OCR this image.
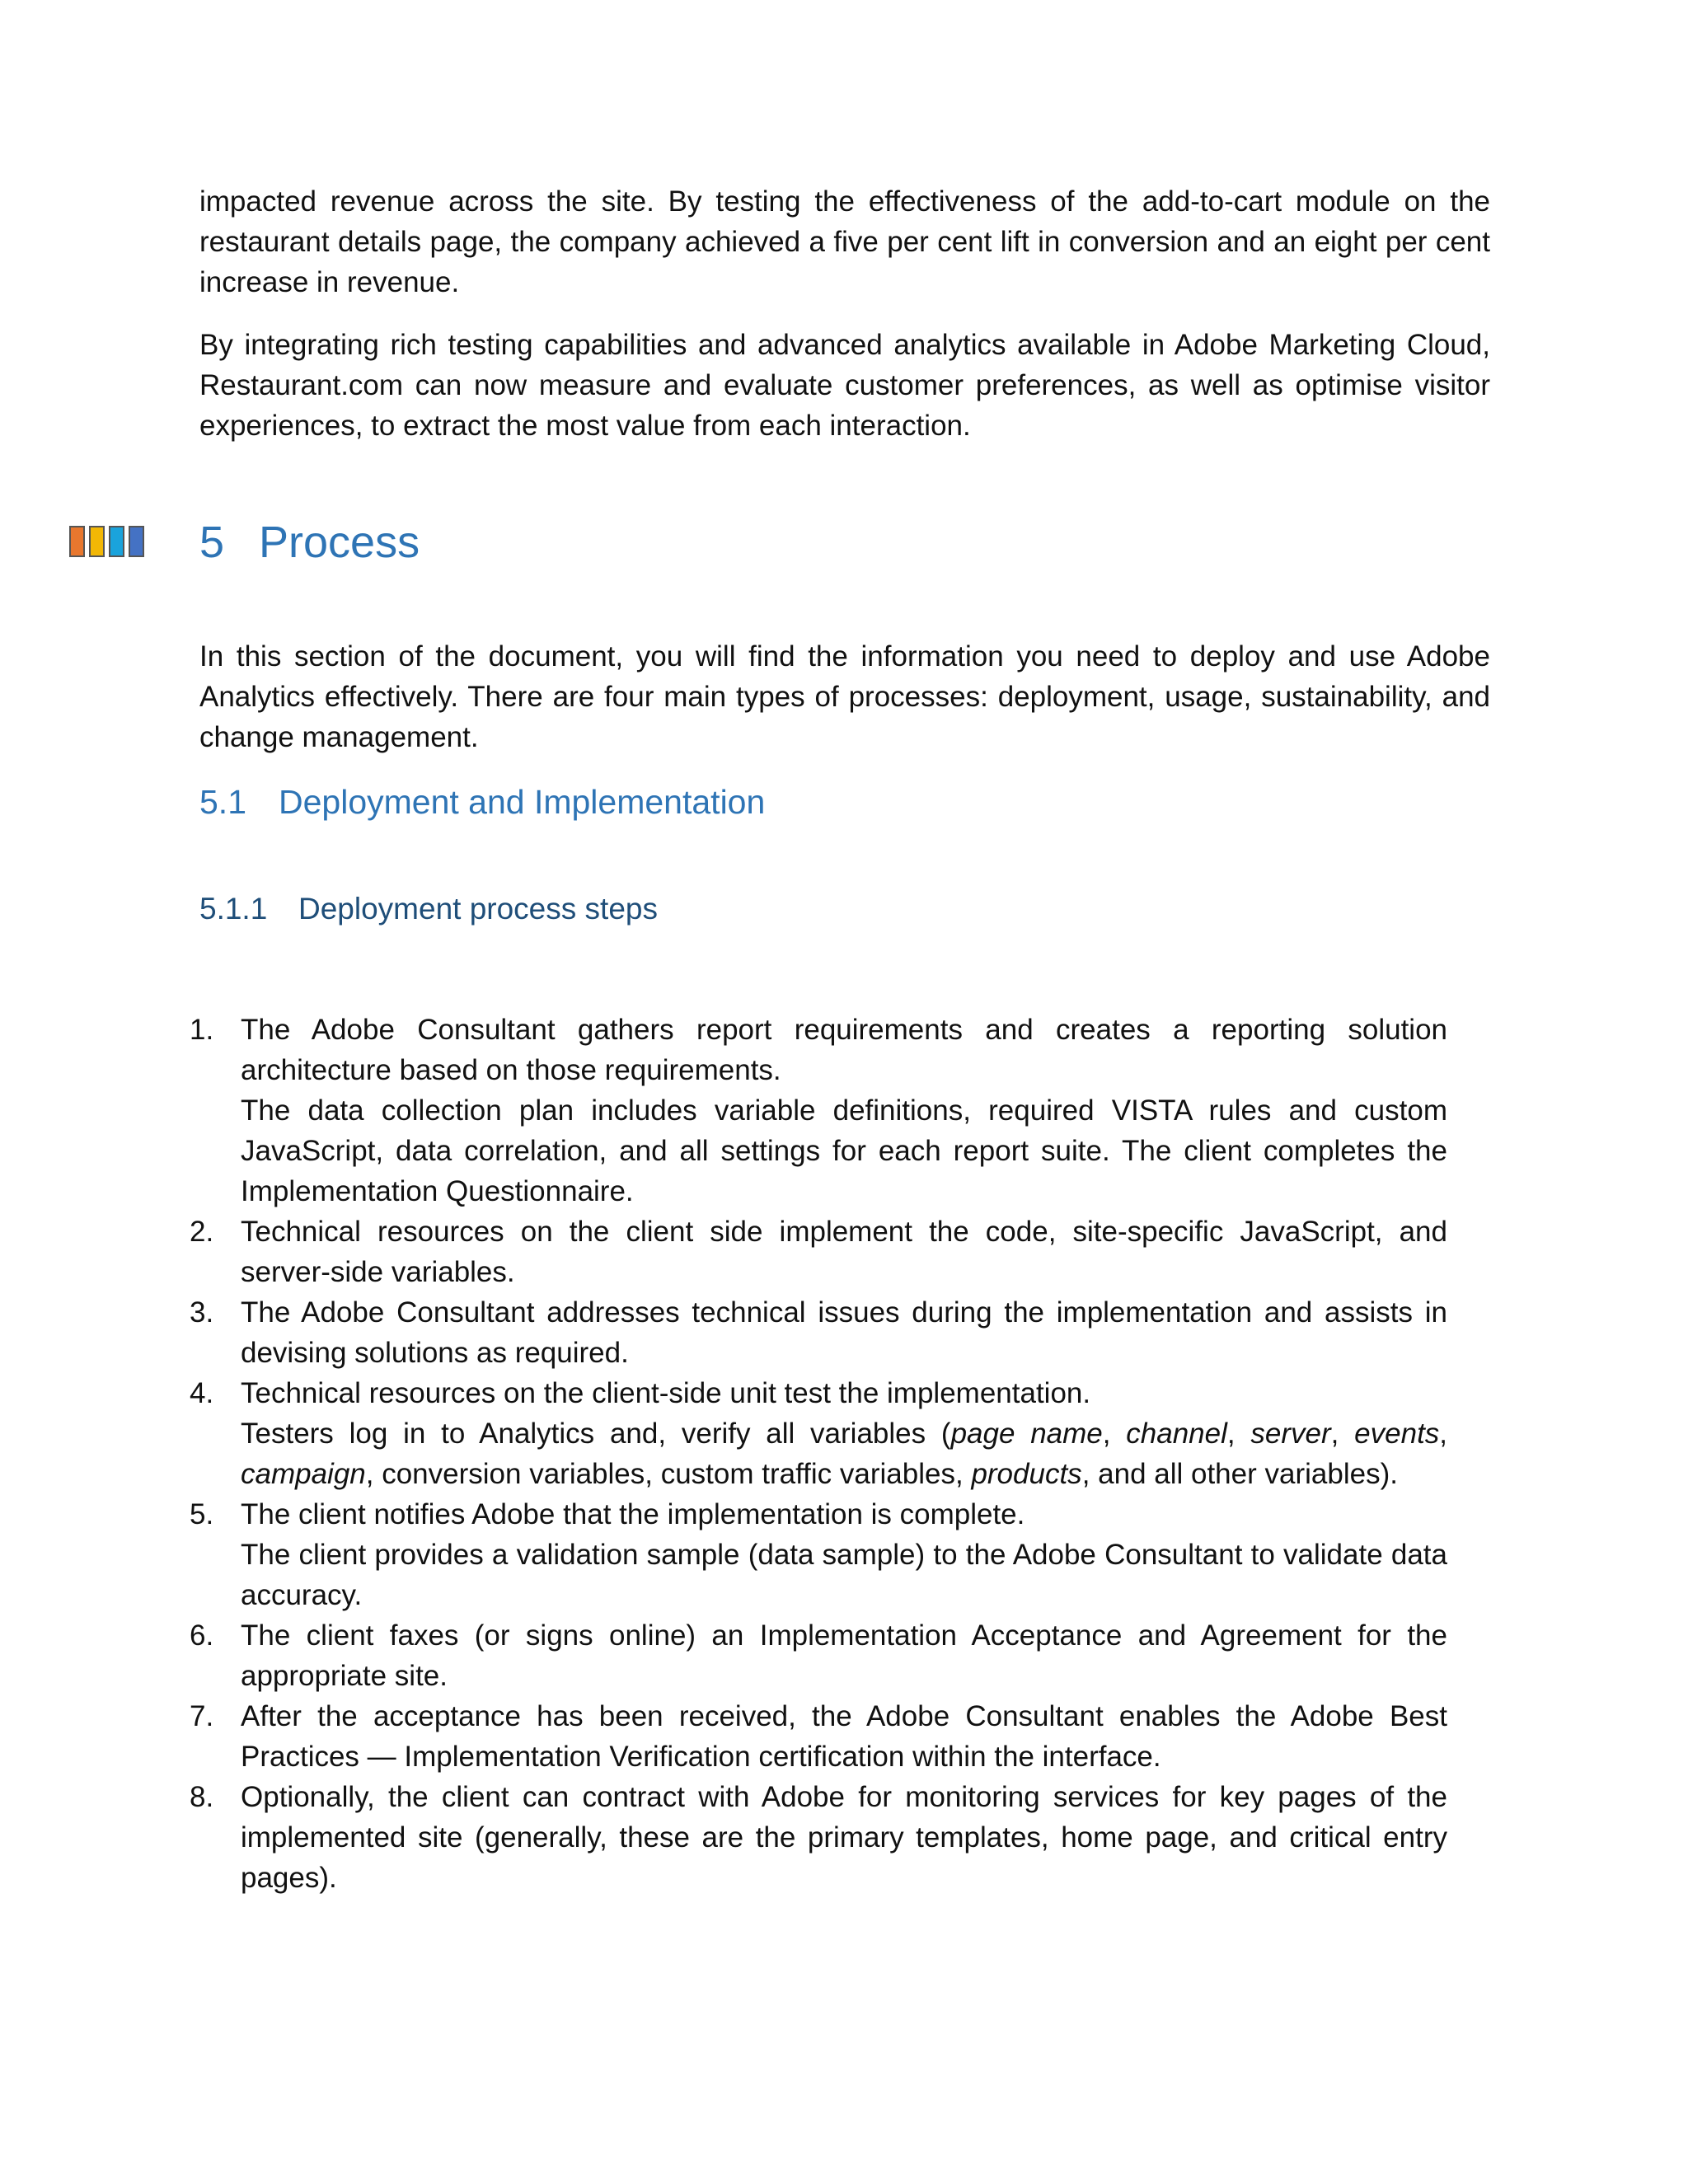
impacted revenue across the site. By testing the effectiveness of the add-to-cart module on the restaurant details page, the company achieved a five per cent lift in conversion and an eight per cent increase in revenue.

By integrating rich testing capabilities and advanced analytics available in Adobe Marketing Cloud, Restaurant.com can now measure and evaluate customer preferences, as well as optimise visitor experiences, to extract the most value from each interaction.

5 Process

In this section of the document, you will find the information you need to deploy and use Adobe Analytics effectively. There are four main types of processes: deployment, usage, sustainability, and change management.

5.1 Deployment and Implementation
5.1.1 Deployment process steps
1. The Adobe Consultant gathers report requirements and creates a reporting solution architecture based on those requirements.
The data collection plan includes variable definitions, required VISTA rules and custom JavaScript, data correlation, and all settings for each report suite. The client completes the Implementation Questionnaire.
2. Technical resources on the client side implement the code, site-specific JavaScript, and server-side variables.
3. The Adobe Consultant addresses technical issues during the implementation and assists in devising solutions as required.
4. Technical resources on the client-side unit test the implementation.
Testers log in to Analytics and, verify all variables (page name, channel, server, events, campaign, conversion variables, custom traffic variables, products, and all other variables).
5. The client notifies Adobe that the implementation is complete.
The client provides a validation sample (data sample) to the Adobe Consultant to validate data accuracy.
6. The client faxes (or signs online) an Implementation Acceptance and Agreement for the appropriate site.
7. After the acceptance has been received, the Adobe Consultant enables the Adobe Best Practices — Implementation Verification certification within the interface.
8. Optionally, the client can contract with Adobe for monitoring services for key pages of the implemented site (generally, these are the primary templates, home page, and critical entry pages).
